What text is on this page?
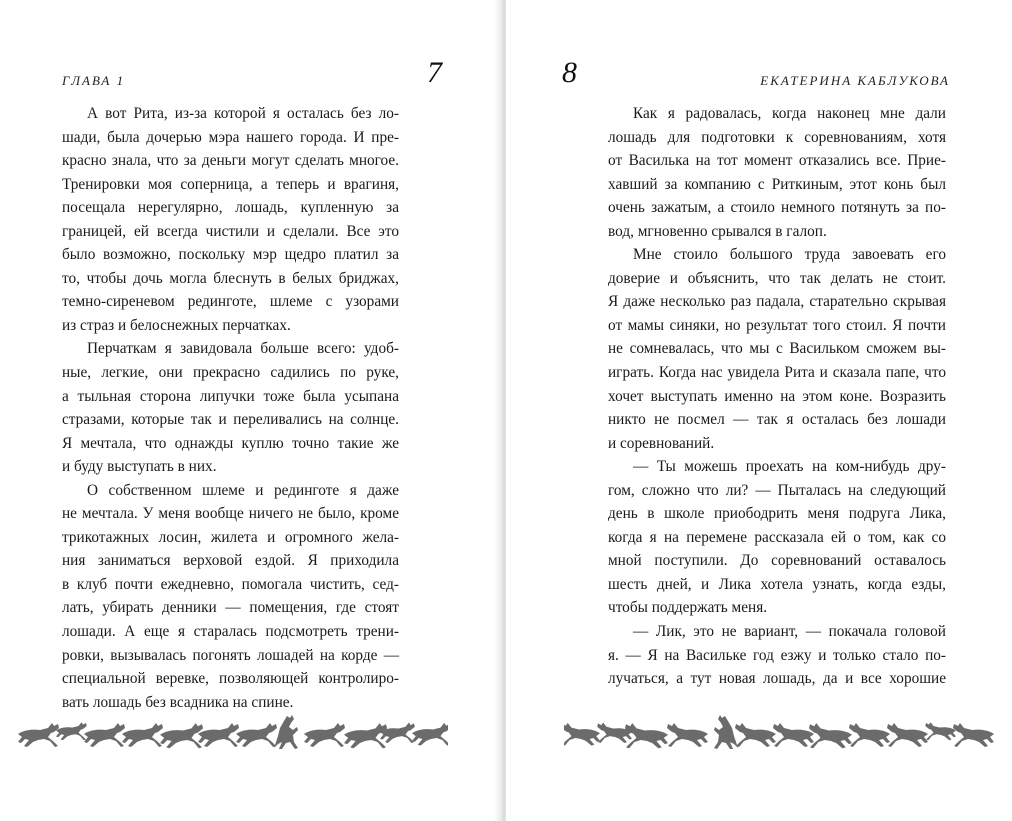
ГЛАВА 1	7
А вот Рита, из-за которой я осталась без ло-
шади, была дочерью мэра нашего города. И пре-
красно знала, что за деньги могут сделать многое.
Тренировки моя соперница, а теперь и врагиня,
посещала нерегулярно, лошадь, купленную за
границей, ей всегда чистили и сделали. Все это
было возможно, поскольку мэр щедро платил за
то, чтобы дочь могла блеснуть в белых бриджах,
темно-сиреневом рединготе, шлеме с узорами
из страз и белоснежных перчатках.
Перчаткам я завидовала больше всего: удоб-
ные, легкие, они прекрасно садились по руке,
а тыльная сторона липучки тоже была усыпана
стразами, которые так и переливались на солнце.
Я мечтала, что однажды куплю точно такие же
и буду выступать в них.
О собственном шлеме и рединготе я даже
не мечтала. У меня вообще ничего не было, кроме
трикотажных лосин, жилета и огромного жела-
ния заниматься верховой ездой. Я приходила
в клуб почти ежедневно, помогала чистить, сед-
лать, убирать денники — помещения, где стоят
лошади. А еще я старалась подсмотреть трени-
ровки, вызывалась погонять лошадей на корде —
специальной веревке, позволяющей контролиро-
вать лошадь без всадника на спине.
8	ЕКАТЕРИНА КАБЛУКОВА
Как я радовалась, когда наконец мне дали
лошадь для подготовки к соревнованиям, хотя
от Василька на тот момент отказались все. Прие-
хавший за компанию с Риткиным, этот конь был
очень зажатым, а стоило немного потянуть за по-
вод, мгновенно срывался в галоп.
Мне стоило большого труда завоевать его
доверие и объяснить, что так делать не стоит.
Я даже несколько раз падала, старательно скрывая
от мамы синяки, но результат того стоил. Я почти
не сомневалась, что мы с Васильком сможем вы-
играть. Когда нас увидела Рита и сказала папе, что
хочет выступать именно на этом коне. Возразить
никто не посмел — так я осталась без лошади
и соревнований.
— Ты можешь проехать на ком-нибудь дру-
гом, сложно что ли? — Пыталась на следующий
день в школе приободрить меня подруга Лика,
когда я на перемене рассказала ей о том, как со
мной поступили. До соревнований оставалось
шесть дней, и Лика хотела узнать, когда езды,
чтобы поддержать меня.
— Лик, это не вариант, — покачала головой
я. — Я на Васильке год езжу и только стало по-
лучаться, а тут новая лошадь, да и все хорошие
